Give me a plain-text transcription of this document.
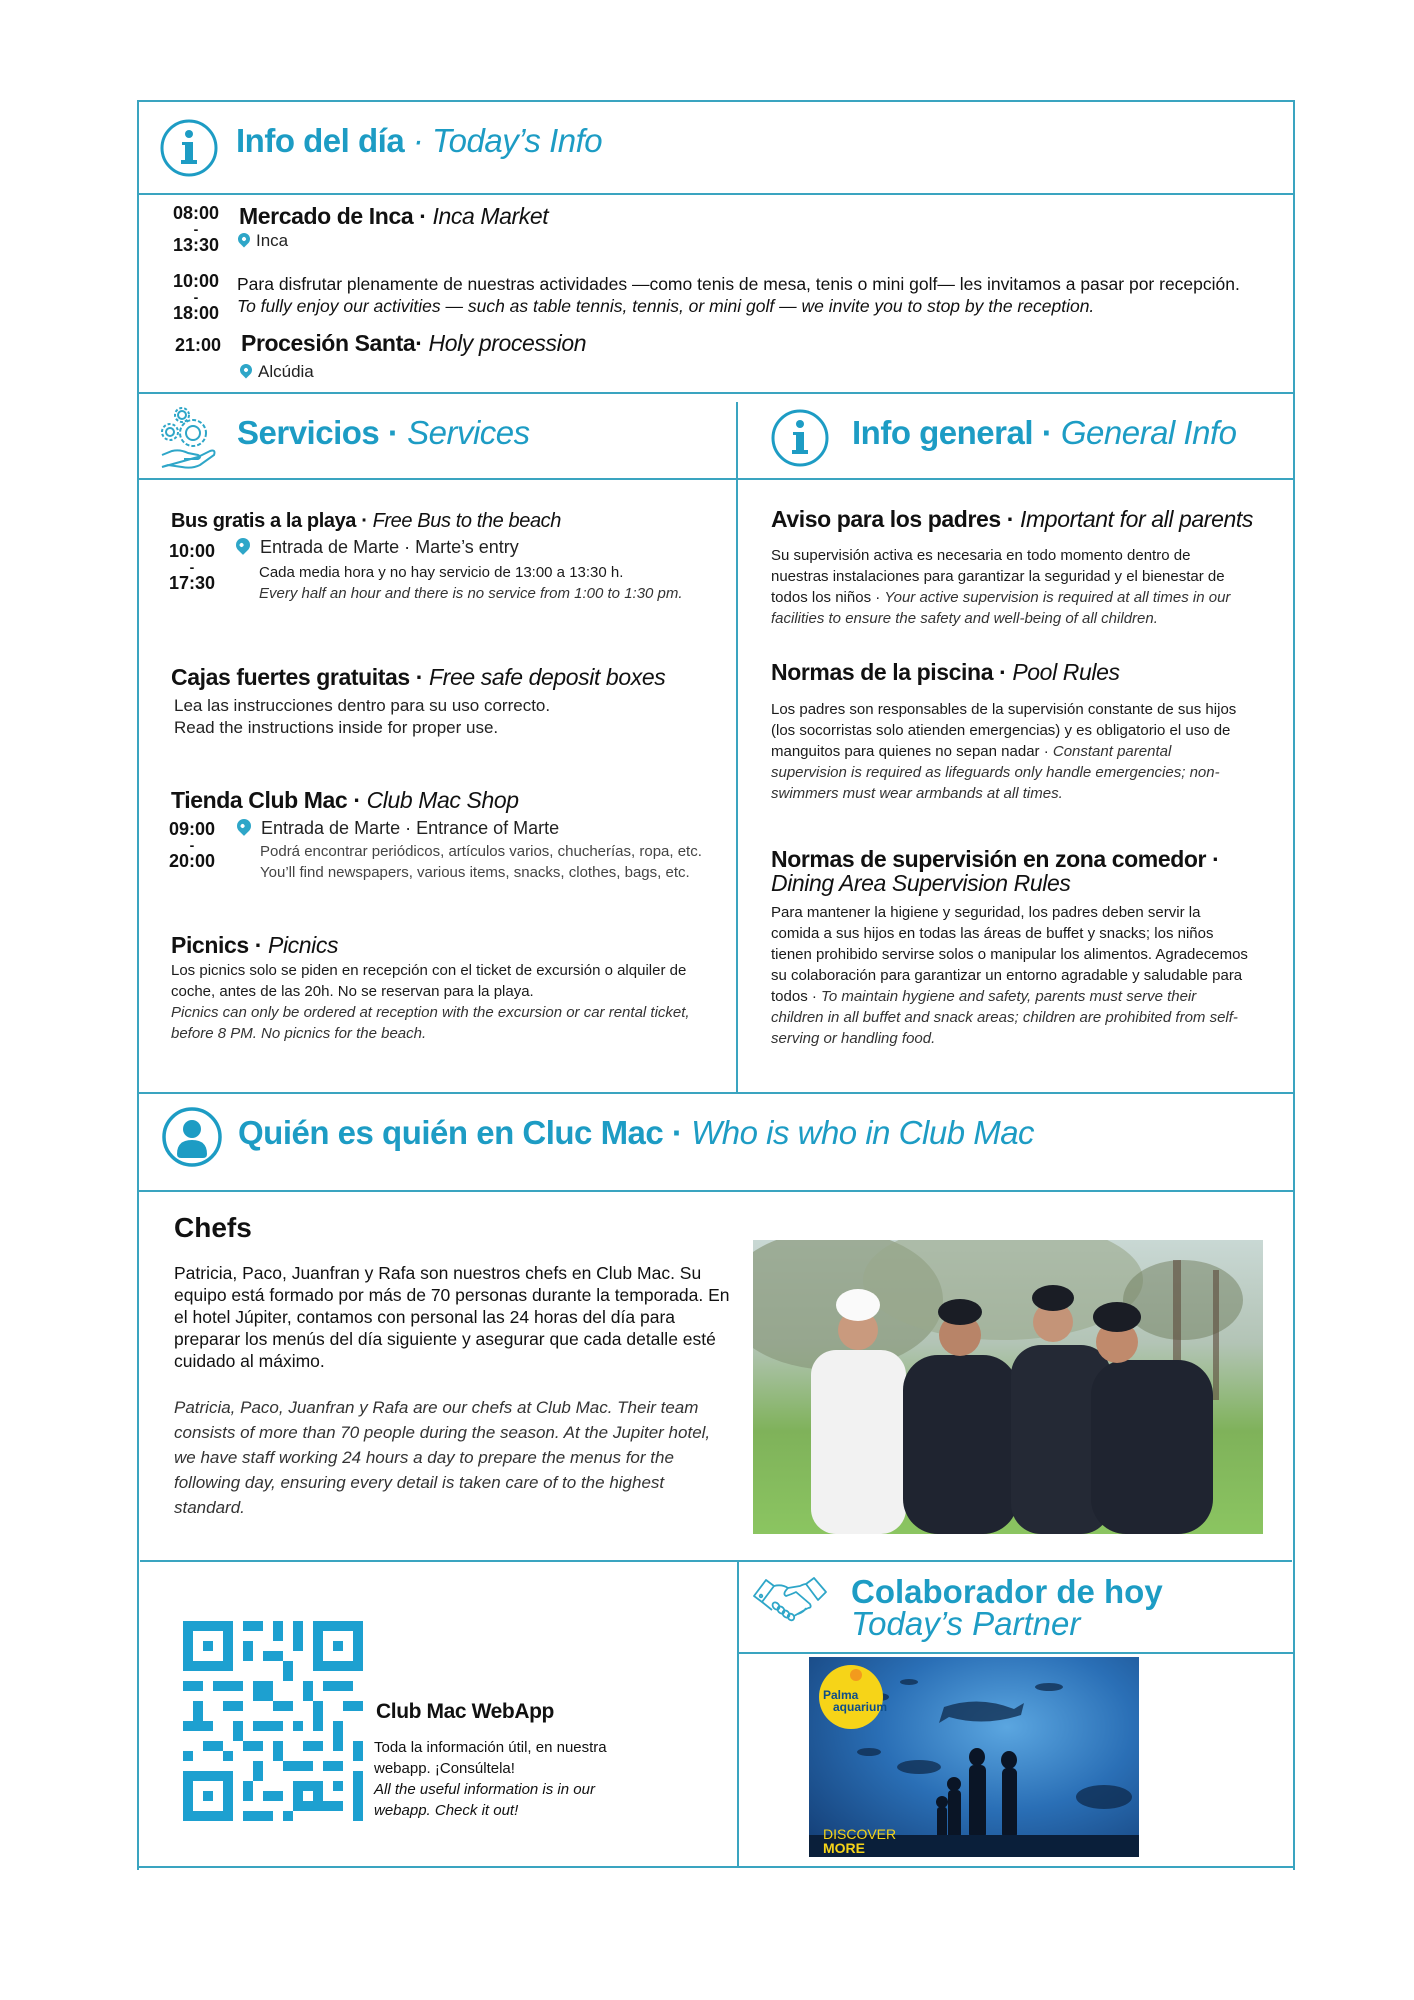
Info del día · Today’s Info
08:00
-
13:30
Mercado de Inca · Inca Market
Inca
10:00
-
18:00
Para disfrutar plenamente de nuestras actividades —como tenis de mesa, tenis o mini golf— les invitamos a pasar por recepción.
To fully enjoy our activities — such as table tennis, tennis, or mini golf — we invite you to stop by the reception.
21:00 Procesión Santa· Holy procession
Alcúdia
Servicios · Services
Bus gratis a la playa · Free Bus to the beach
10:00
-
17:30
Entrada de Marte · Marte’s entry
Cada media hora y no hay servicio de 13:00 a 13:30 h.
Every half an hour and there is no service from 1:00 to 1:30 pm.
Cajas fuertes gratuitas · Free safe deposit boxes
Lea las instrucciones dentro para su uso correcto.
Read the instructions inside for proper use.
Tienda Club Mac · Club Mac Shop
09:00
-
20:00
Entrada de Marte · Entrance of Marte
Podrá encontrar periódicos, artículos varios, chucherías, ropa, etc.
You’ll find newspapers, various items, snacks, clothes, bags, etc.
Picnics · Picnics
Los picnics solo se piden en recepción con el ticket de excursión o alquiler de coche, antes de las 20h. No se reservan para la playa.
Picnics can only be ordered at reception with the excursion or car rental ticket, before 8 PM. No picnics for the beach.
Info general · General Info
Aviso para los padres · Important for all parents
Su supervisión activa es necesaria en todo momento dentro de nuestras instalaciones para garantizar la seguridad y el bienestar de todos los niños · Your active supervision is required at all times in our facilities to ensure the safety and well-being of all children.
Normas de la piscina · Pool Rules
Los padres son responsables de la supervisión constante de sus hijos (los socorristas solo atienden emergencias) y es obligatorio el uso de manguitos para quienes no sepan nadar · Constant parental supervision is required as lifeguards only handle emergencies; non-swimmers must wear armbands at all times.
Normas de supervisión en zona comedor ·
Dining Area Supervision Rules
Para mantener la higiene y seguridad, los padres deben servir la comida a sus hijos en todas las áreas de buffet y snacks; los niños tienen prohibido servirse solos o manipular los alimentos. Agradecemos su colaboración para garantizar un entorno agradable y saludable para todos · To maintain hygiene and safety, parents must serve their children in all buffet and snack areas; children are prohibited from self-serving or handling food.
Quién es quién en Cluc Mac · Who is who in Club Mac
Chefs
Patricia, Paco, Juanfran y Rafa son nuestros chefs en Club Mac. Su equipo está formado por más de 70 personas durante la temporada. En el hotel Júpiter, contamos con personal las 24 horas del día para preparar los menús del día siguiente y asegurar que cada detalle esté cuidado al máximo.
Patricia, Paco, Juanfran y Rafa are our chefs at Club Mac. Their team consists of more than 70 people during the season. At the Jupiter hotel, we have staff working 24 hours a day to prepare the menus for the following day, ensuring every detail is taken care of to the highest standard.
Club Mac WebApp
Toda la información útil, en nuestra webapp. ¡Consúltela!
All the useful information is in our webapp. Check it out!
Colaborador de hoy
Today’s Partner
Palma
aquarium
DISCOVER
MORE
